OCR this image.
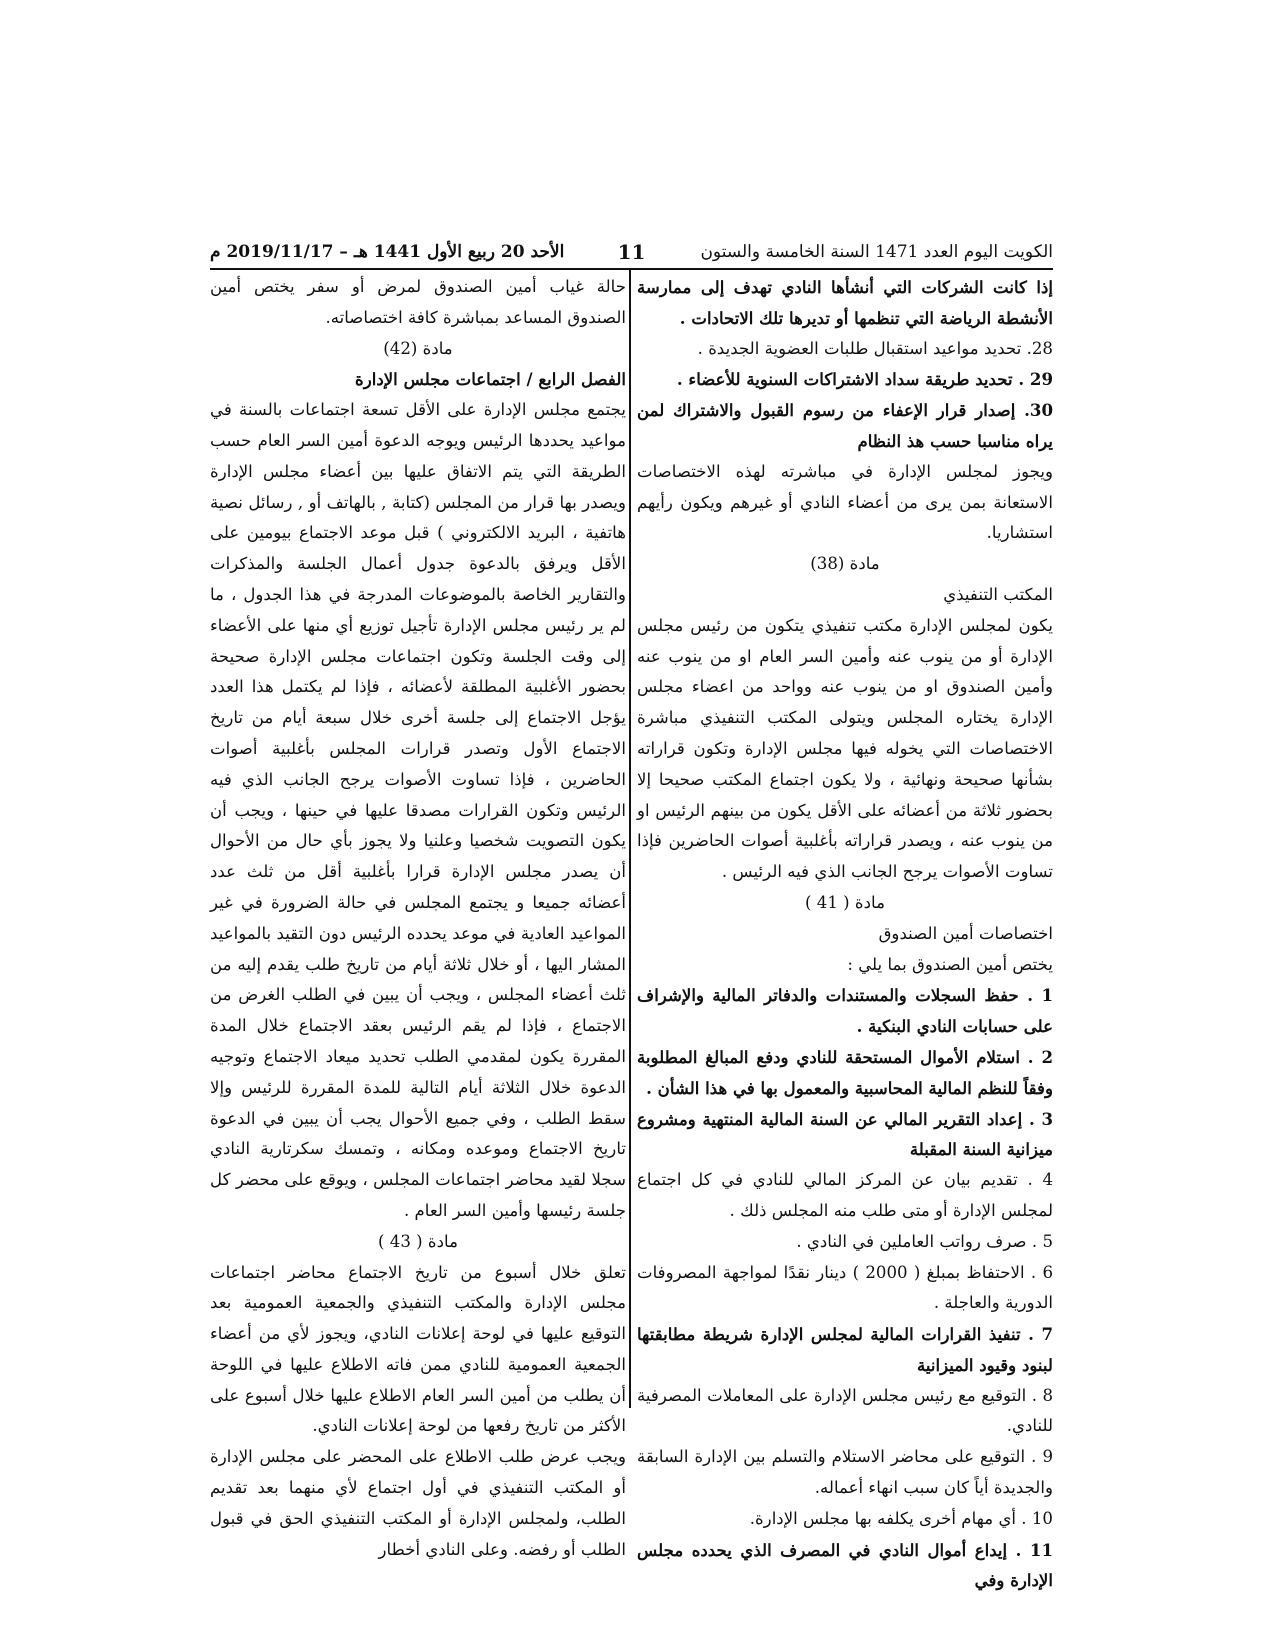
الكويت اليوم العدد 1471 السنة الخامسة والستون
11
الأحد 20 ربيع الأول 1441 هـ – 2019/11/17 م

إذا كانت الشركات التي أنشأها النادي تهدف إلى ممارسة الأنشطة الرياضة التي تنظمها أو تديرها تلك الاتحادات .

28. تحديد مواعيد استقبال طلبات العضوية الجديدة .

29 . تحديد طريقة سداد الاشتراكات السنوية للأعضاء .

30. إصدار قرار الإعفاء من رسوم القبول والاشتراك لمن يراه مناسبا حسب هذ النظام

ويجوز لمجلس الإدارة في مباشرته لهذه الاختصاصات الاستعانة بمن يرى من أعضاء النادي أو غيرهم ويكون رأيهم استشاريا.

مادة (38)

المكتب التنفيذي

يكون لمجلس الإدارة مكتب تنفيذي يتكون من رئيس مجلس الإدارة أو من ينوب عنه وأمين السر العام او من ينوب عنه وأمين الصندوق او من ينوب عنه وواحد من اعضاء مجلس الإدارة يختاره المجلس ويتولى المكتب التنفيذي مباشرة الاختصاصات التي يخوله فيها مجلس الإدارة وتكون قراراته بشأنها صحيحة ونهائية ، ولا يكون اجتماع المكتب صحيحا إلا بحضور ثلاثة من أعضائه على الأقل يكون من بينهم الرئيس او من ينوب عنه ، ويصدر قراراته بأغلبية أصوات الحاضرين فإذا تساوت الأصوات يرجح الجانب الذي فيه الرئيس .

مادة ( 41 )

اختصاصات أمين الصندوق

يختص أمين الصندوق بما يلي :

1 . حفظ السجلات والمستندات والدفاتر المالية والإشراف على حسابات النادي البنكية .

2 . استلام الأموال المستحقة للنادي ودفع المبالغ المطلوبة وفقاً للنظم المالية المحاسبية والمعمول بها في هذا الشأن .

3 . إعداد التقرير المالي عن السنة المالية المنتهية ومشروع ميزانية السنة المقبلة

4 . تقديم بيان عن المركز المالي للنادي في كل اجتماع لمجلس الإدارة أو متى طلب منه المجلس ذلك .

5 . صرف رواتب العاملين في النادي .

6 . الاحتفاظ بمبلغ ( 2000 ) دينار نقدًا لمواجهة المصروفات الدورية والعاجلة .

7 . تنفيذ القرارات المالية لمجلس الإدارة شريطة مطابقتها لبنود وقيود الميزانية

8 . التوقيع مع رئيس مجلس الإدارة على المعاملات المصرفية للنادي.

9 . التوقيع على محاضر الاستلام والتسلم بين الإدارة السابقة والجديدة أياً كان سبب انهاء أعماله.

10 . أي مهام أخرى يكلفه بها مجلس الإدارة.

11 . إيداع أموال النادي في المصرف الذي يحدده مجلس الإدارة وفي

حالة غياب أمين الصندوق لمرض أو سفر يختص أمين الصندوق المساعد بمباشرة كافة اختصاصاته.

مادة (42)

الفصل الرابع / اجتماعات مجلس الإدارة

يجتمع مجلس الإدارة على الأقل تسعة اجتماعات بالسنة في مواعيد يحددها الرئيس ويوجه الدعوة أمين السر العام حسب الطريقة التي يتم الاتفاق عليها بين أعضاء مجلس الإدارة ويصدر بها قرار من المجلس (كتابة , بالهاتف أو , رسائل نصية هاتفية ، البريد الالكتروني ) قبل موعد الاجتماع بيومين على الأقل ويرفق بالدعوة جدول أعمال الجلسة والمذكرات والتقارير الخاصة بالموضوعات المدرجة في هذا الجدول ، ما لم ير رئيس مجلس الإدارة تأجيل توزيع أي منها على الأعضاء إلى وقت الجلسة وتكون اجتماعات مجلس الإدارة صحيحة بحضور الأغلبية المطلقة لأعضائه ، فإذا لم يكتمل هذا العدد يؤجل الاجتماع إلى جلسة أخرى خلال سبعة أيام من تاريخ الاجتماع الأول وتصدر قرارات المجلس بأغلبية أصوات الحاضرين ، فإذا تساوت الأصوات يرجح الجانب الذي فيه الرئيس وتكون القرارات مصدقا عليها في حينها ، ويجب أن يكون التصويت شخصيا وعلنيا ولا يجوز بأي حال من الأحوال أن يصدر مجلس الإدارة قرارا بأغلبية أقل من ثلث عدد أعضائه جميعا و يجتمع المجلس في حالة الضرورة في غير المواعيد العادية في موعد يحدده الرئيس دون التقيد بالمواعيد المشار اليها ، أو خلال ثلاثة أيام من تاريخ طلب يقدم إليه من ثلث أعضاء المجلس ، ويجب أن يبين في الطلب الغرض من الاجتماع ، فإذا لم يقم الرئيس بعقد الاجتماع خلال المدة المقررة يكون لمقدمي الطلب تحديد ميعاد الاجتماع وتوجيه الدعوة خلال الثلاثة أيام التالية للمدة المقررة للرئيس وإلا سقط الطلب ، وفي جميع الأحوال يجب أن يبين في الدعوة تاريخ الاجتماع وموعده ومكانه ، وتمسك سكرتارية النادي سجلا لقيد محاضر اجتماعات المجلس ، ويوقع على محضر كل جلسة رئيسها وأمين السر العام .

مادة ( 43 )

تعلق خلال أسبوع من تاريخ الاجتماع محاضر اجتماعات مجلس الإدارة والمكتب التنفيذي والجمعية العمومية بعد التوقيع عليها في لوحة إعلانات النادي، ويجوز لأي من أعضاء الجمعية العمومية للنادي ممن فاته الاطلاع عليها في اللوحة أن يطلب من أمين السر العام الاطلاع عليها خلال أسبوع على الأكثر من تاريخ رفعها من لوحة إعلانات النادي.

ويجب عرض طلب الاطلاع على المحضر على مجلس الإدارة أو المكتب التنفيذي في أول اجتماع لأي منهما بعد تقديم الطلب، ولمجلس الإدارة أو المكتب التنفيذي الحق في قبول الطلب أو رفضه. وعلى النادي أخطار
